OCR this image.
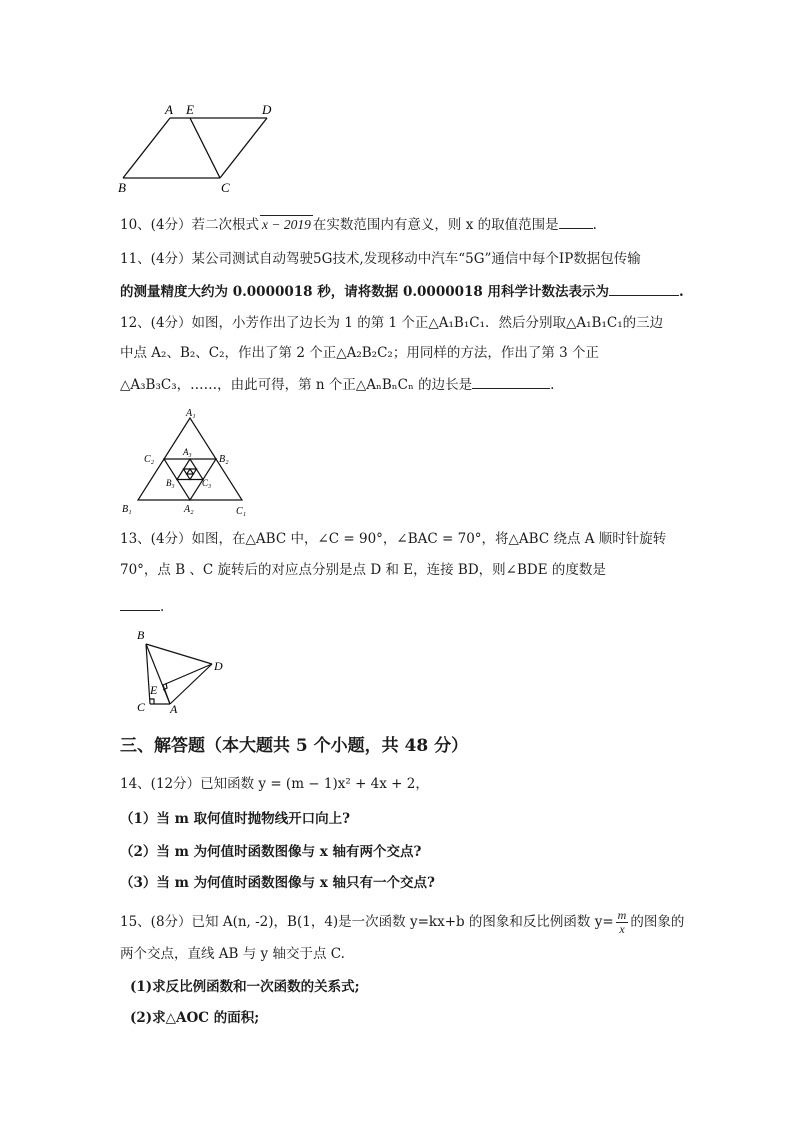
A E	D
B	C
10、(4分）若二次根式 x − 2019 在实数范围内有意义，则 x 的取值范围是	.
11、(4分）某公司测试自动驾驶5G技术,发现移动中汽车“5G”通信中每个IP数据包传输
的测量精度大约为 0.0000018 秒，请将数据 0.0000018 用科学计数法表示为	.
12、(4分）如图，小芳作出了边长为 1 的第 1 个正△A₁B₁C₁．然后分别取△A₁B₁C₁的三边
中点 A₂、B₂、C₂，作出了第 2 个正△A₂B₂C₂；用同样的方法，作出了第 3 个正
△A₃B₃C₃，……，由此可得，第 n 个正△AₙBₙCₙ 的边长是	.
A₁
C₂	B₂
A₃
B₃	C₃
B₁	A₂	C₁
13、(4分）如图，在△ABC 中，∠C = 90°，∠BAC = 70°，将△ABC 绕点 A 顺时针旋转
70°，点 B 、C 旋转后的对应点分别是点 D 和 E，连接 BD，则∠BDE 的度数是
.
B
D
E
C A
三、解答题（本大题共 5 个小题，共 48 分）
14、(12分）已知函数 y = (m − 1)x² + 4x + 2，
（1）当 m 取何值时抛物线开口向上?
（2）当 m 为何值时函数图像与 x 轴有两个交点?
（3）当 m 为何值时函数图像与 x 轴只有一个交点?
15、(8分）已知 A(n, -2)，B(1，4)是一次函数 y=kx+b 的图象和反比例函数 $y= \frac{m}{x}$ 的图象的
两个交点，直线 AB 与 y 轴交于点 C.
(1)求反比例函数和一次函数的关系式;
(2)求△AOC 的面积;
